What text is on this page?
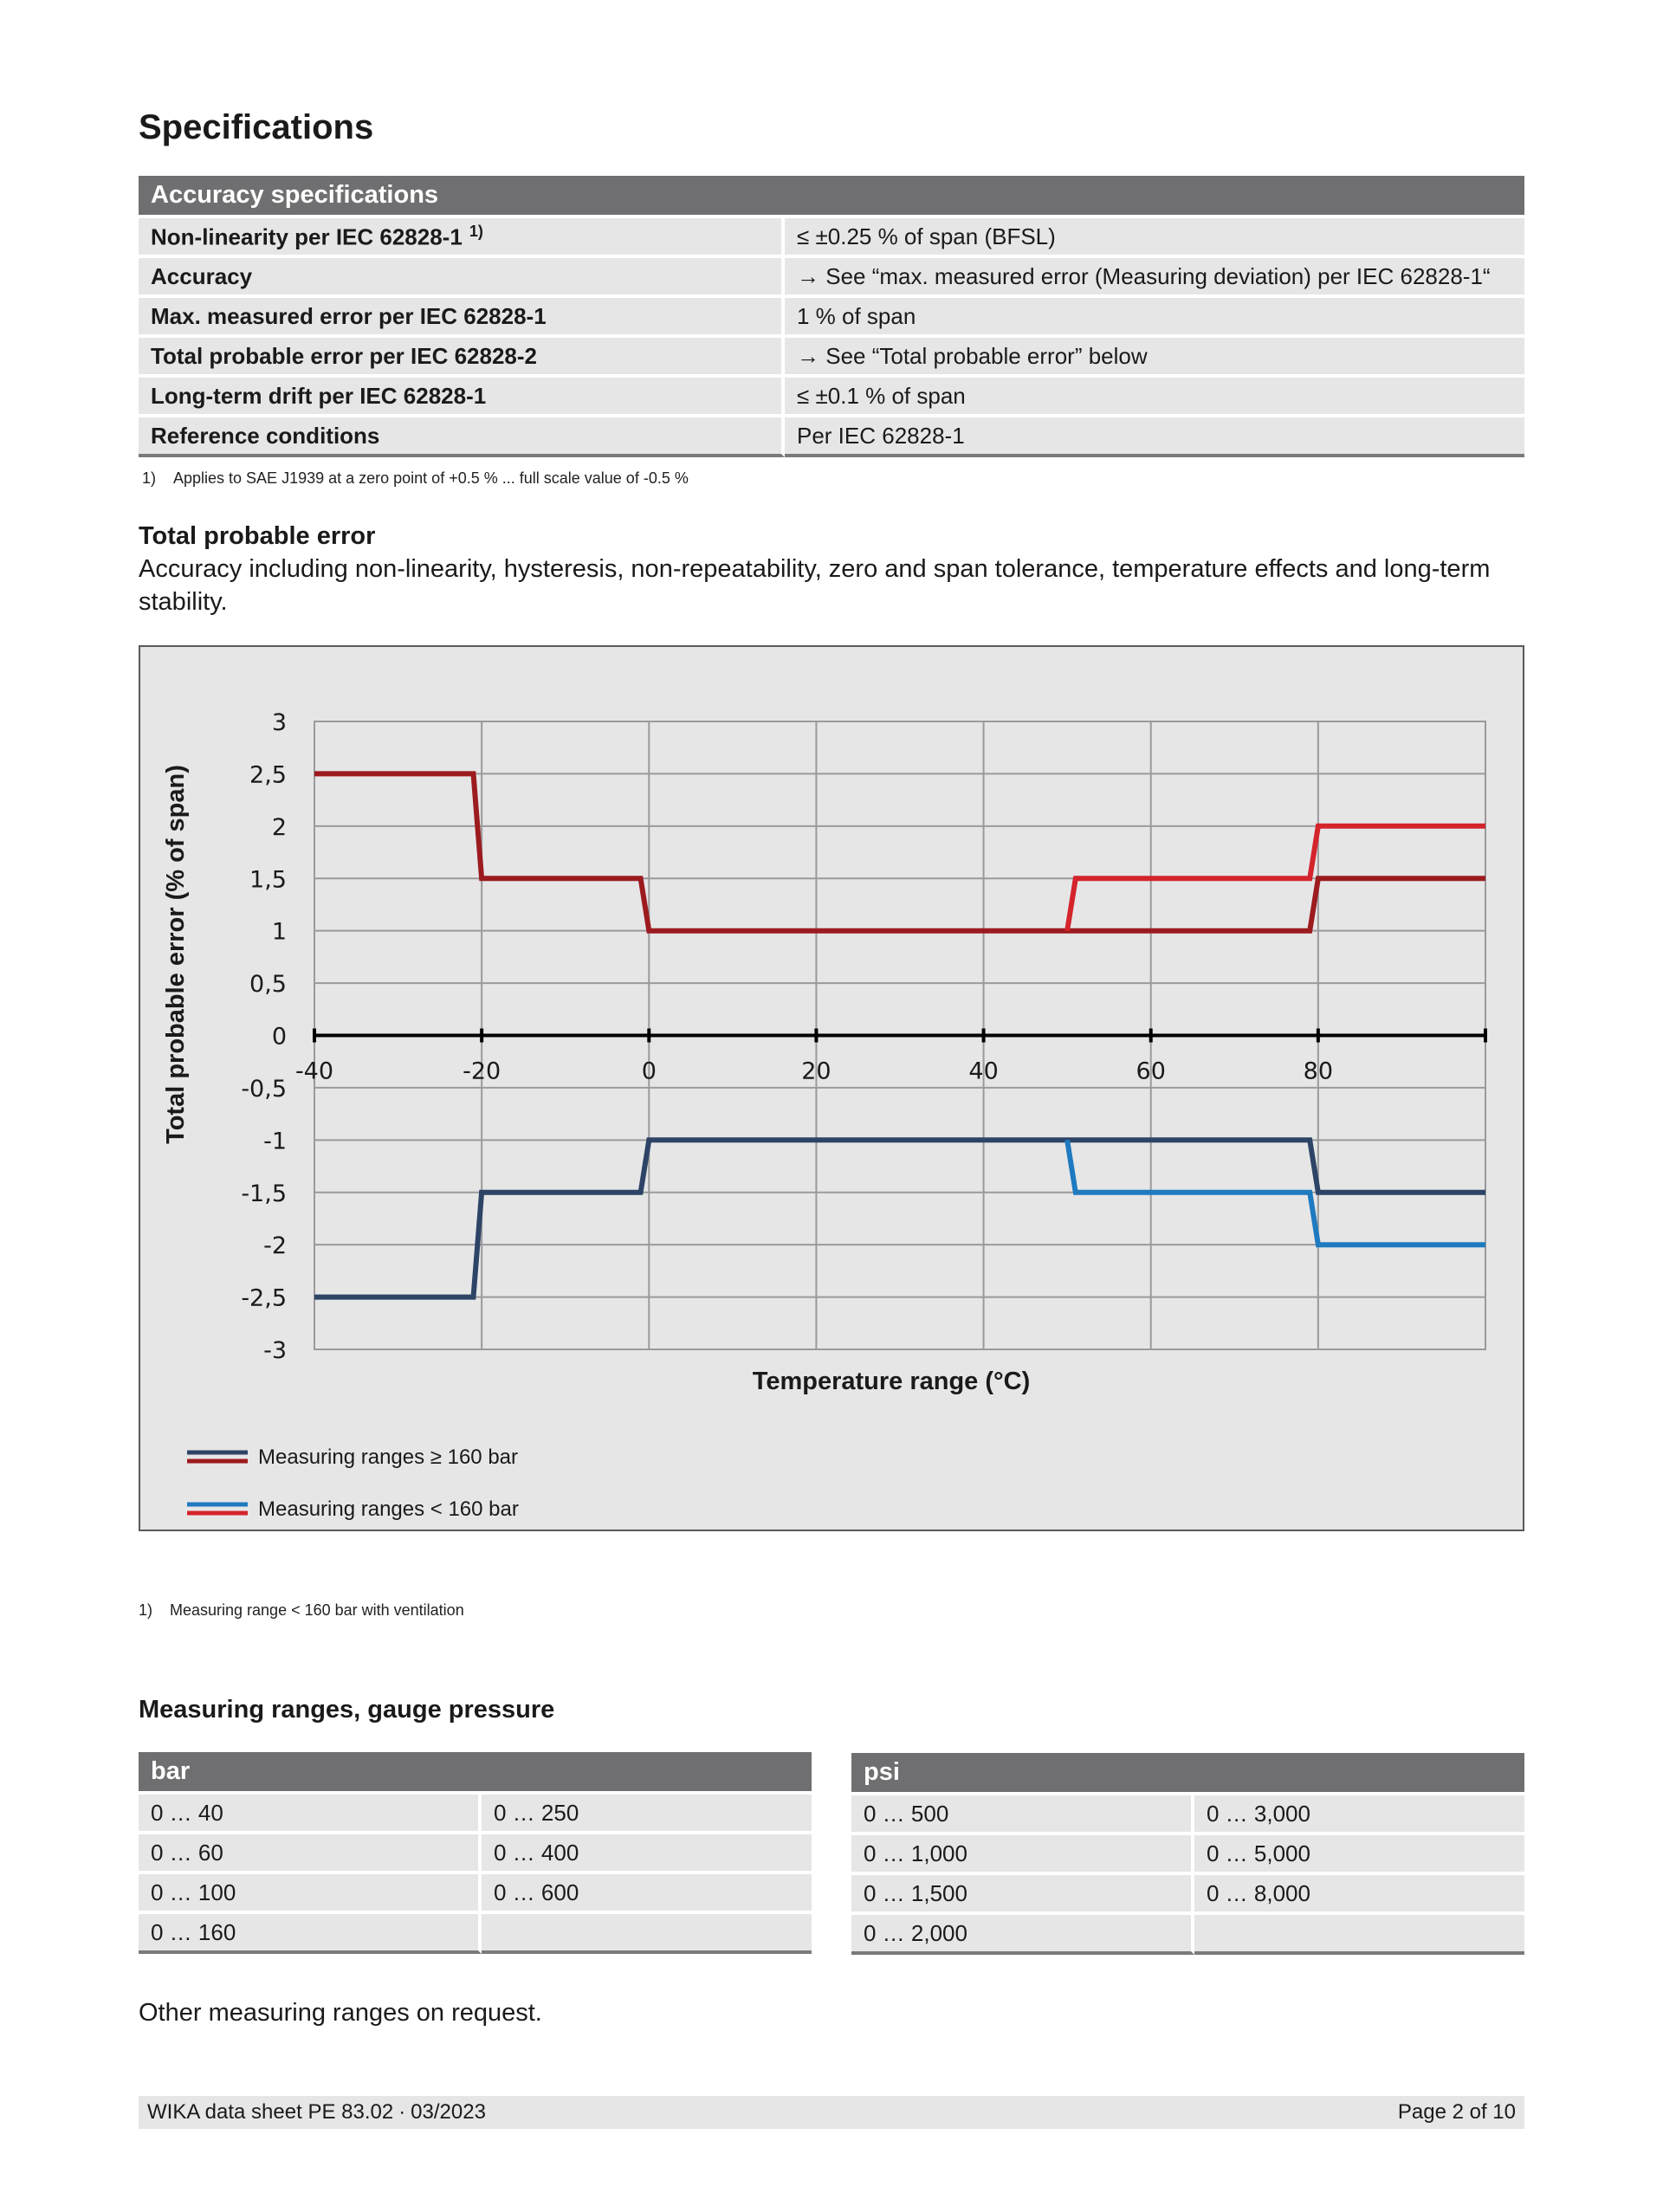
Specifications
Accuracy specifications	
Non-linearity per IEC 62828-1 $^{1)}$	≤ ±0.25 % of span (BFSL)
Accuracy	→ See “max. measured error (Measuring deviation) per IEC 62828-1“
Max. measured error per IEC 62828-1	1 % of span
Total probable error per IEC 62828-2	→ See “Total probable error” below
Long-term drift per IEC 62828-1	≤ ±0.1 % of span
Reference conditions	Per IEC 62828-1
1) Applies to SAE J1939 at a zero point of +0.5 % ... full scale value of -0.5 %
Total probable error
Accuracy including non-linearity, hysteresis, non-repeatability, zero and span tolerance, temperature effects and long-term stability.
3
2,5
2
1,5
1
0,5
0
-0,5
-1
-1,5
-2
-2,5
-3
-40	-20	0	20	40	60	80
Total probable error (% of span)
Temperature range (°C)
Measuring ranges ≥ 160 bar
Measuring ranges < 160 bar
1) Measuring range < 160 bar with ventilation
Measuring ranges, gauge pressure
bar	
0 … 40	0 … 250
0 … 60	0 … 400
0 … 100	0 … 600
0 … 160	
psi	
0 … 500	0 … 3,000
0 … 1,000	0 … 5,000
0 … 1,500	0 … 8,000
0 … 2,000	
Other measuring ranges on request.
WIKA data sheet PE 83.02 ∙ 03/2023	Page 2 of 10
